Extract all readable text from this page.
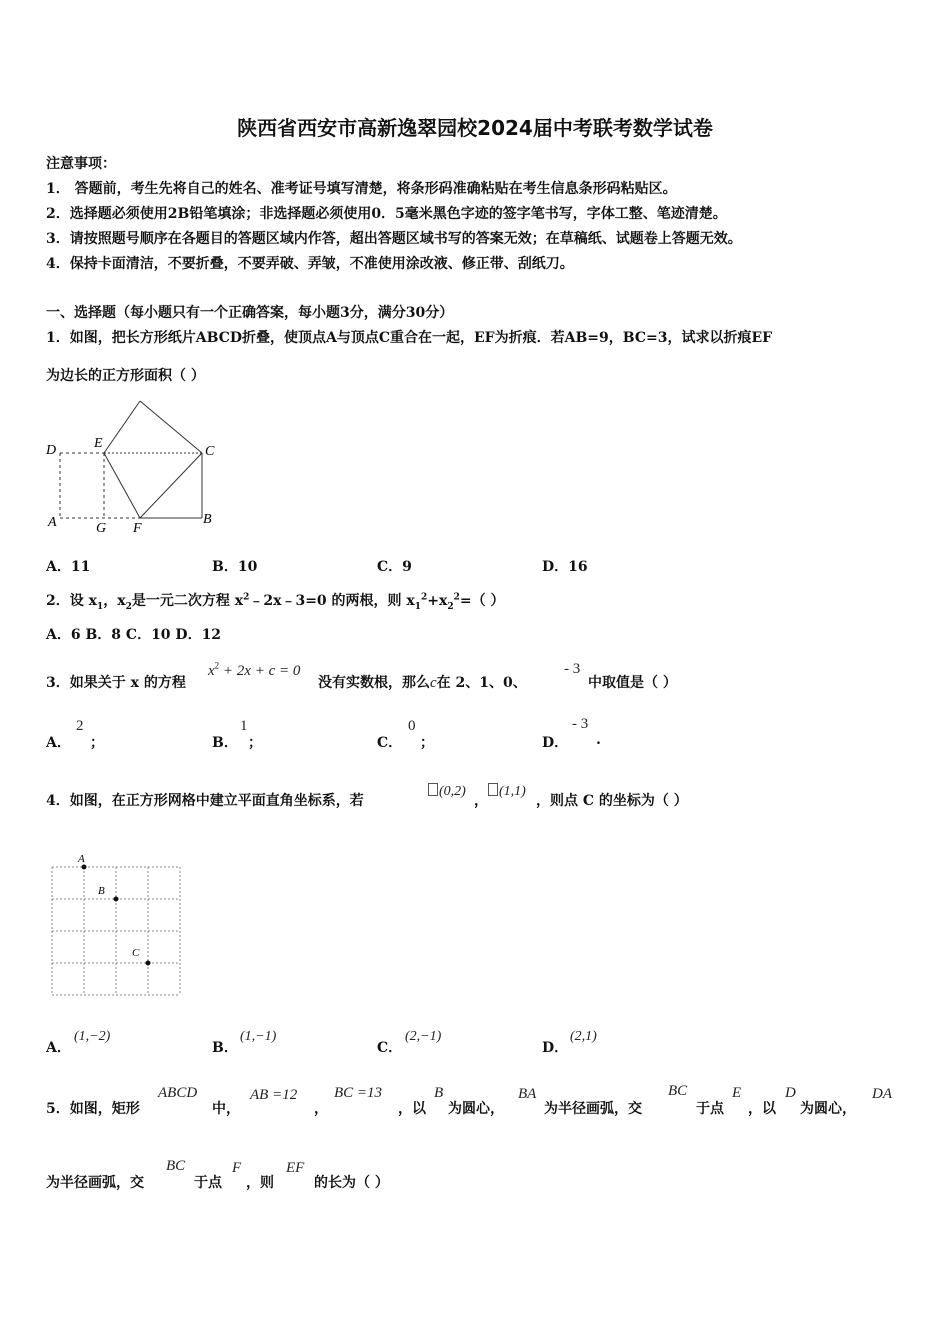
陕西省西安市高新逸翠园校2024届中考联考数学试卷
注意事项：
1． 答题前，考生先将自己的姓名、准考证号填写清楚，将条形码准确粘贴在考生信息条形码粘贴区。
2．选择题必须使用2B铅笔填涂；非选择题必须使用0．5毫米黑色字迹的签字笔书写，字体工整、笔迹清楚。
3．请按照题号顺序在各题目的答题区域内作答，超出答题区域书写的答案无效；在草稿纸、试题卷上答题无效。
4．保持卡面清洁，不要折叠，不要弄破、弄皱，不准使用涂改液、修正带、刮纸刀。
一、选择题（每小题只有一个正确答案，每小题3分，满分30分）
1．如图，把长方形纸片ABCD折叠，使顶点A与顶点C重合在一起，EF为折痕．若AB=9，BC=3，试求以折痕EF
为边长的正方形面积（ ）
D	E
C
A	G F
B
A．11	B．10	C．9	D．16
2．设 $x_1$，$x_2$是一元二次方程 $x^2﹣2x﹣3=0$ 的两根，则 $x_1^2+x_2^2=$（ ）
A．6 B．8 C．10 D．12
3．如果关于 x 的方程
$x^2 + 2x + c = 0$
没有实数根，那么c在 2、1、0、
- 3
中取值是（ ）
A．
2
；	B．
1
；	C．
0
；	D．
- 3
.
4．如图，在正方形网格中建立平面直角坐标系，若
(0,2)
，
(1,1)
，则点 C 的坐标为（ ）
A
B
C
A．
(1,−2)
B．
(1,−1)
C．
(2,−1)
D．
(2,1)
5．如图，矩形
ABCD
中，
AB =12
，
BC =13
，以
B
为圆心，
BA
为半径画弧，交
BC
于点
E
，以
D
为圆心，
DA
为半径画弧，交
BC
于点
F
，则
EF
的长为（ ）
